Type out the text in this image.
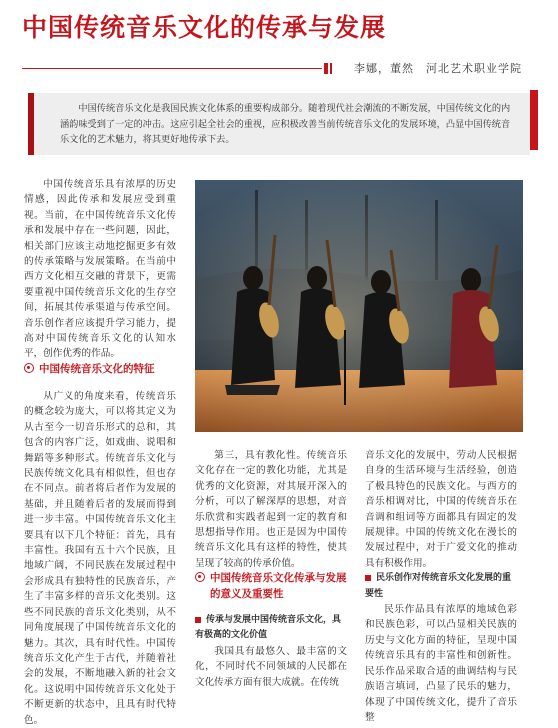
中国传统音乐文化的传承与发展
李娜，董然　河北艺术职业学院

中国传统音乐文化是我国民族文化体系的重要构成部分。随着现代社会潮流的不断发展，中国传统文化的内涵韵味受到了一定的冲击。这应引起全社会的重视，应积极改善当前传统音乐文化的发展环境，凸显中国传统音乐文化的艺术魅力，将其更好地传承下去。

中国传统音乐具有浓厚的历史情感，因此传承和发展应受到重视。当前，在中国传统音乐文化传承和发展中存在一些问题，因此，相关部门应该主动地挖掘更多有效的传承策略与发展策略。在当前中西方文化相互交融的背景下，更需要重视中国传统音乐文化的生存空间，拓展其传承渠道与传承空间。音乐创作者应该提升学习能力，提高对中国传统音乐文化的认知水平，创作优秀的作品。

中国传统音乐文化的特征

从广义的角度来看，传统音乐的概念较为庞大，可以将其定义为从古至今一切音乐形式的总和，其包含的内容广泛，如戏曲、说唱和舞蹈等多种形式。传统音乐文化与民族传统文化具有相似性，但也存在不同点。前者将后者作为发展的基础，并且随着后者的发展而得到进一步丰富。中国传统音乐文化主要具有以下几个特征：首先，具有丰富性。我国有五十六个民族，且地域广阔，不同民族在发展过程中会形成具有独特性的民族音乐，产生了丰富多样的音乐文化类别。这些不同民族的音乐文化类别，从不同角度展现了中国传统音乐文化的魅力。其次，具有时代性。中国传统音乐文化产生于古代，并随着社会的发展，不断地融入新的社会文化。这说明中国传统音乐文化处于不断更新的状态中，且具有时代特色。

第三，具有教化性。传统音乐文化存在一定的教化功能，尤其是优秀的文化资源，对其展开深入的分析，可以了解深厚的思想，对音乐欣赏和实践者起到一定的教育和思想指导作用。也正是因为中国传统音乐文化具有这样的特性，使其呈现了较高的传承价值。

中国传统音乐文化传承与发展的意义及重要性

传承与发展中国传统音乐文化，具有极高的文化价值

我国具有最悠久、最丰富的文化，不同时代不同领域的人民都在文化传承方面有很大成就。在传统

音乐文化的发展中，劳动人民根据自身的生活环境与生活经验，创造了极具特色的民族文化。与西方的音乐相调对比，中国的传统音乐在音调和组词等方面都具有固定的发展规律。中国的传统文化在漫长的发展过程中，对于广爱文化的推动具有积极作用。

民乐创作对传统音乐文化发展的重要性

民乐作品具有浓厚的地域色彩和民族色彩，可以凸显相关民族的历史与文化方面的特征，呈现中国传统音乐具有的丰富性和创新性。民乐作品采取合适的曲调结构与民族语言填词，凸显了民乐的魅力，体现了中国传统文化，提升了音乐整
